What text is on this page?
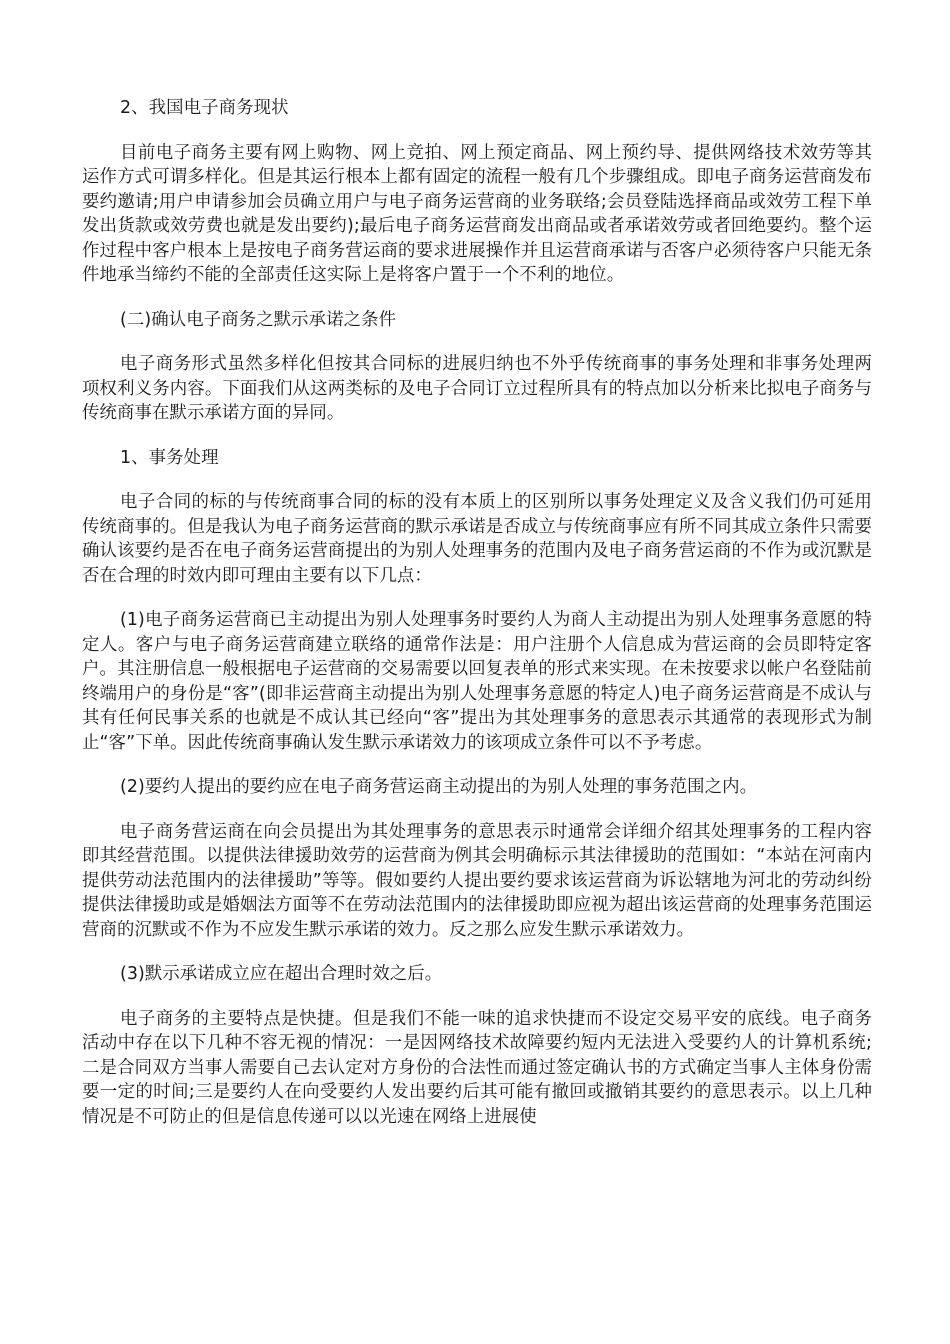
2、我国电子商务现状

目前电子商务主要有网上购物、网上竞拍、网上预定商品、网上预约导、提供网络技术效劳等其运作方式可谓多样化。但是其运行根本上都有固定的流程一般有几个步骤组成。即电子商务运营商发布要约邀请;用户申请参加会员确立用户与电子商务运营商的业务联络;会员登陆选择商品或效劳工程下单发出货款或效劳费也就是发出要约);最后电子商务运营商发出商品或者承诺效劳或者回绝要约。整个运作过程中客户根本上是按电子商务营运商的要求进展操作并且运营商承诺与否客户必须待客户只能无条件地承当缔约不能的全部责任这实际上是将客户置于一个不利的地位。

(二)确认电子商务之默示承诺之条件

电子商务形式虽然多样化但按其合同标的进展归纳也不外乎传统商事的事务处理和非事务处理两项权利义务内容。下面我们从这两类标的及电子合同订立过程所具有的特点加以分析来比拟电子商务与传统商事在默示承诺方面的异同。

1、事务处理

电子合同的标的与传统商事合同的标的没有本质上的区别所以事务处理定义及含义我们仍可延用传统商事的。但是我认为电子商务运营商的默示承诺是否成立与传统商事应有所不同其成立条件只需要确认该要约是否在电子商务运营商提出的为别人处理事务的范围内及电子商务营运商的不作为或沉默是否在合理的时效内即可理由主要有以下几点：

(1)电子商务运营商已主动提出为别人处理事务时要约人为商人主动提出为别人处理事务意愿的特定人。客户与电子商务运营商建立联络的通常作法是：用户注册个人信息成为营运商的会员即特定客户。其注册信息一般根据电子运营商的交易需要以回复表单的形式来实现。在未按要求以帐户名登陆前终端用户的身份是“客”(即非运营商主动提出为别人处理事务意愿的特定人)电子商务运营商是不成认与其有任何民事关系的也就是不成认其已经向“客”提出为其处理事务的意思表示其通常的表现形式为制止“客”下单。因此传统商事确认发生默示承诺效力的该项成立条件可以不予考虑。

(2)要约人提出的要约应在电子商务营运商主动提出的为别人处理的事务范围之内。

电子商务营运商在向会员提出为其处理事务的意思表示时通常会详细介绍其处理事务的工程内容即其经营范围。以提供法律援助效劳的运营商为例其会明确标示其法律援助的范围如：“本站在河南内提供劳动法范围内的法律援助”等等。假如要约人提出要约要求该运营商为诉讼辖地为河北的劳动纠纷提供法律援助或是婚姻法方面等不在劳动法范围内的法律援助即应视为超出该运营商的处理事务范围运营商的沉默或不作为不应发生默示承诺的效力。反之那么应发生默示承诺效力。

(3)默示承诺成立应在超出合理时效之后。

电子商务的主要特点是快捷。但是我们不能一味的追求快捷而不设定交易平安的底线。电子商务活动中存在以下几种不容无视的情况：一是因网络技术故障要约短内无法进入受要约人的计算机系统;二是合同双方当事人需要自己去认定对方身份的合法性而通过签定确认书的方式确定当事人主体身份需要一定的时间;三是要约人在向受要约人发出要约后其可能有撤回或撤销其要约的意思表示。以上几种情况是不可防止的但是信息传递可以以光速在网络上进展使
